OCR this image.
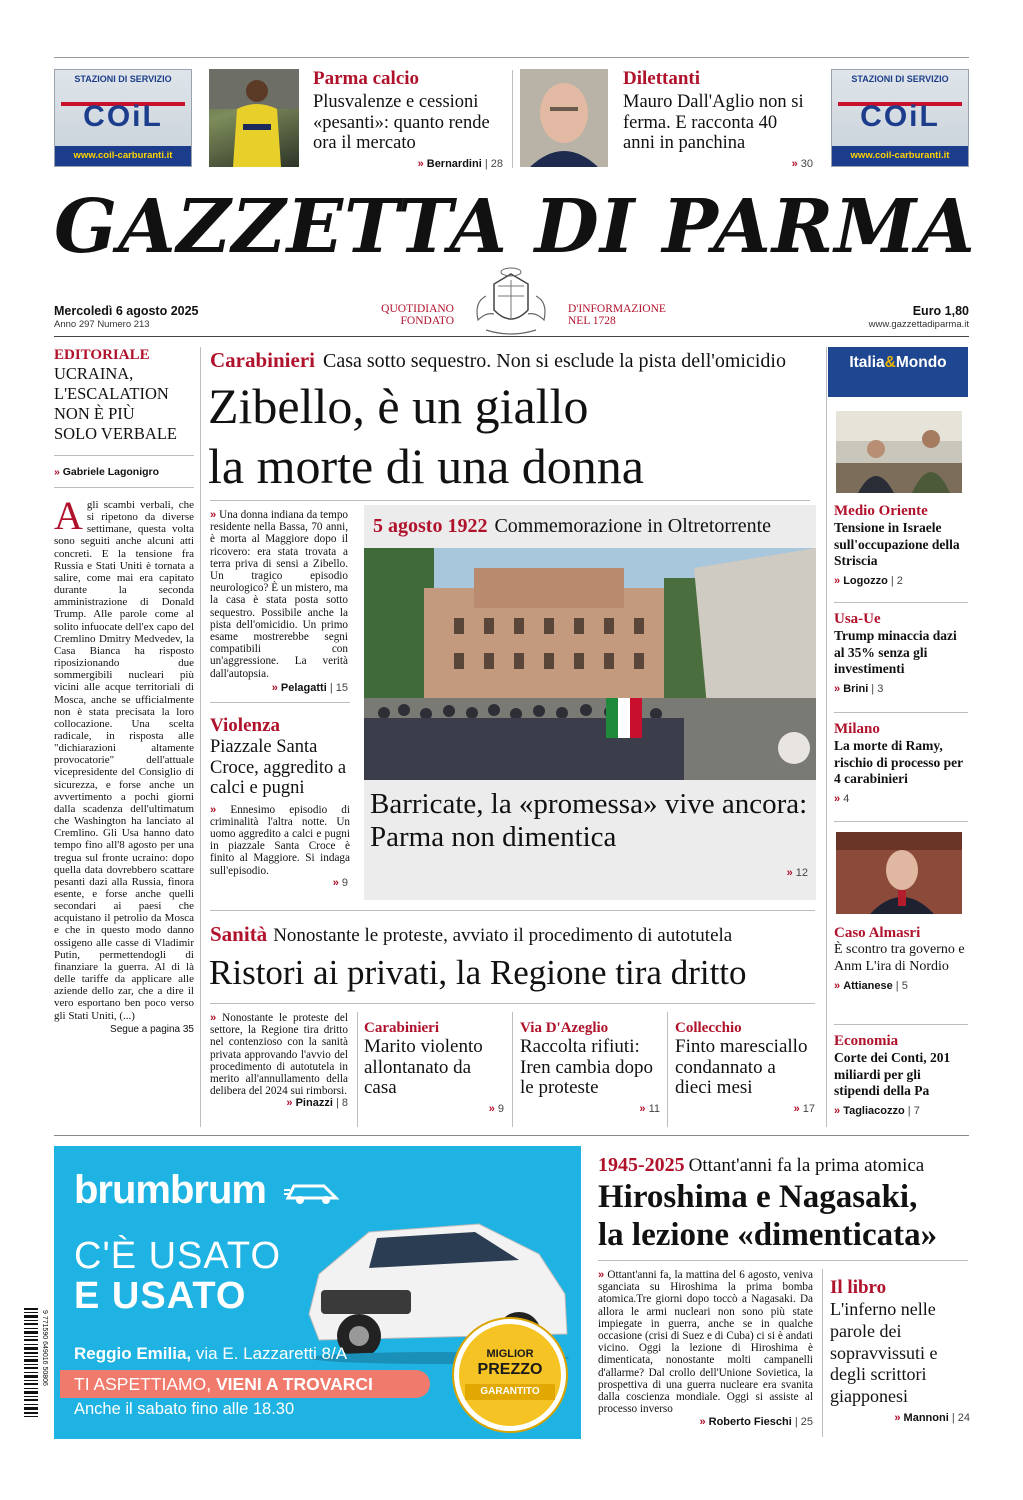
STAZIONI DI SERVIZIO
COiL
www.coil-carburanti.it
Parma calcio
Plusvalenze e cessioni «pesanti»: quanto rende ora il mercato
» Bernardini | 28
Dilettanti
Mauro Dall'Aglio non si ferma. E racconta 40 anni in panchina
» 30
STAZIONI DI SERVIZIO
COiL
www.coil-carburanti.it
GAZZETTA DI PARMA
Mercoledì 6 agosto 2025
Anno 297 Numero 213
QUOTIDIANO FONDATO
D'INFORMAZIONE NEL 1728
Euro 1,80
www.gazzettadiparma.it
EDITORIALE
UCRAINA, L'ESCALATION NON È PIÙ SOLO VERBALE
» Gabriele Lagonigro
Agli scambi verbali, che si ripetono da diverse settimane, questa volta sono seguiti anche alcuni atti concreti. E la tensione fra Russia e Stati Uniti è tornata a salire, come mai era capitato durante la seconda amministrazione di Donald Trump. Alle parole come al solito infuocate dell'ex capo del Cremlino Dmitry Medvedev, la Casa Bianca ha risposto riposizionando due sommergibili nucleari più vicini alle acque territoriali di Mosca, anche se ufficialmente non è stata precisata la loro collocazione. Una scelta radicale, in risposta alle "dichiarazioni altamente provocatorie" dell'attuale vicepresidente del Consiglio di sicurezza, e forse anche un avvertimento a pochi giorni dalla scadenza dell'ultimatum che Washington ha lanciato al Cremlino. Gli Usa hanno dato tempo fino all'8 agosto per una tregua sul fronte ucraino: dopo quella data dovrebbero scattare pesanti dazi alla Russia, finora esente, e forse anche quelli secondari ai paesi che acquistano il petrolio da Mosca e che in questo modo danno ossigeno alle casse di Vladimir Putin, permettendogli di finanziare la guerra. Al di là delle tariffe da applicare alle aziende dello zar, che a dire il vero esportano ben poco verso gli Stati Uniti, (...)
Segue a pagina 35
Carabinieri Casa sotto sequestro. Non si esclude la pista dell'omicidio
Zibello, è un giallo
la morte di una donna
» Una donna indiana da tempo residente nella Bassa, 70 anni, è morta al Maggiore dopo il ricovero: era stata trovata a terra priva di sensi a Zibello. Un tragico episodio neurologico? È un mistero, ma la casa è stata posta sotto sequestro. Possibile anche la pista dell'omicidio. Un primo esame mostrerebbe segni compatibili con un'aggressione. La verità dall'autopsia.
» Pelagatti | 15
Violenza
Piazzale Santa Croce, aggredito a calci e pugni
» Ennesimo episodio di criminalità l'altra notte. Un uomo aggredito a calci e pugni in piazzale Santa Croce è finito al Maggiore. Si indaga sull'episodio.
» 9
5 agosto 1922 Commemorazione in Oltretorrente
Barricate, la «promessa» vive ancora: Parma non dimentica
» 12
Sanità Nonostante le proteste, avviato il procedimento di autotutela
Ristori ai privati, la Regione tira dritto
» Nonostante le proteste del settore, la Regione tira dritto nel contenzioso con la sanità privata approvando l'avvio del procedimento di autotutela in merito all'annullamento della delibera del 2024 sui rimborsi.
» Pinazzi | 8
Carabinieri
Marito violento allontanato da casa
» 9
Via D'Azeglio
Raccolta rifiuti: Iren cambia dopo le proteste
» 11
Collecchio
Finto maresciallo condannato a dieci mesi
» 17
Italia&Mondo
Medio Oriente
Tensione in Israele sull'occupazione della Striscia
» Logozzo | 2
Usa-Ue
Trump minaccia dazi al 35% senza gli investimenti
» Brini | 3
Milano
La morte di Ramy, rischio di processo per 4 carabinieri
» 4
Caso Almasri
È scontro tra governo e Anm L'ira di Nordio
» Attianese | 5
Economia
Corte dei Conti, 201 miliardi per gli stipendi della Pa
» Tagliacozzo | 7
9 771590 649016 50806
brumbrum
C'È USATO
E USATO
Reggio Emilia, via E. Lazzaretti 8/A
TI ASPETTIAMO, VIENI A TROVARCI
Anche il sabato fino alle 18.30
MIGLIOR
PREZZO
GARANTITO
1945-2025 Ottant'anni fa la prima atomica
Hiroshima e Nagasaki,
la lezione «dimenticata»
» Ottant'anni fa, la mattina del 6 agosto, veniva sganciata su Hiroshima la prima bomba atomica.Tre giorni dopo toccò a Nagasaki. Da allora le armi nucleari non sono più state impiegate in guerra, anche se in qualche occasione (crisi di Suez e di Cuba) ci si è andati vicino. Oggi la lezione di Hiroshima è dimenticata, nonostante molti campanelli d'allarme? Dal crollo dell'Unione Sovietica, la prospettiva di una guerra nucleare era svanita dalla coscienza mondiale. Oggi si assiste al processo inverso
» Roberto Fieschi | 25
Il libro
L'inferno nelle parole dei sopravvissuti e degli scrittori giapponesi
» Mannoni | 24
